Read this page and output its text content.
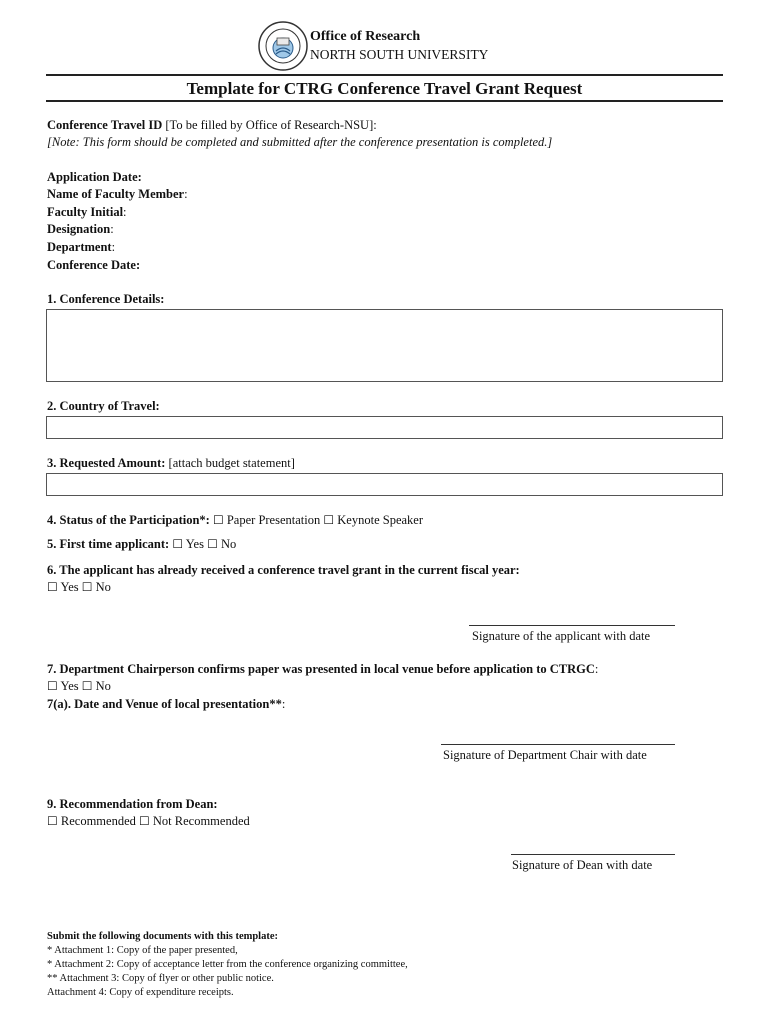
Office of Research
NORTH SOUTH UNIVERSITY
Template for CTRG Conference Travel Grant Request
Conference Travel ID [To be filled by Office of Research-NSU]:
[Note: This form should be completed and submitted after the conference presentation is completed.]
Application Date:
Name of Faculty Member:
Faculty Initial:
Designation:
Department:
Conference Date:
1. Conference Details:
2. Country of Travel:
3. Requested Amount: [attach budget statement]
4. Status of the Participation*: ☐ Paper Presentation ☐ Keynote Speaker
5. First time applicant: ☐ Yes ☐ No
6. The applicant has already received a conference travel grant in the current fiscal year:
☐ Yes ☐ No
Signature of the applicant with date
7. Department Chairperson confirms paper was presented in local venue before application to CTRGC:
☐ Yes ☐ No
7(a). Date and Venue of local presentation**:
Signature of Department Chair with date
9. Recommendation from Dean:
☐ Recommended ☐ Not Recommended
Signature of Dean with date
Submit the following documents with this template:
* Attachment 1: Copy of the paper presented,
* Attachment 2: Copy of acceptance letter from the conference organizing committee,
** Attachment 3: Copy of flyer or other public notice.
Attachment 4: Copy of expenditure receipts.
